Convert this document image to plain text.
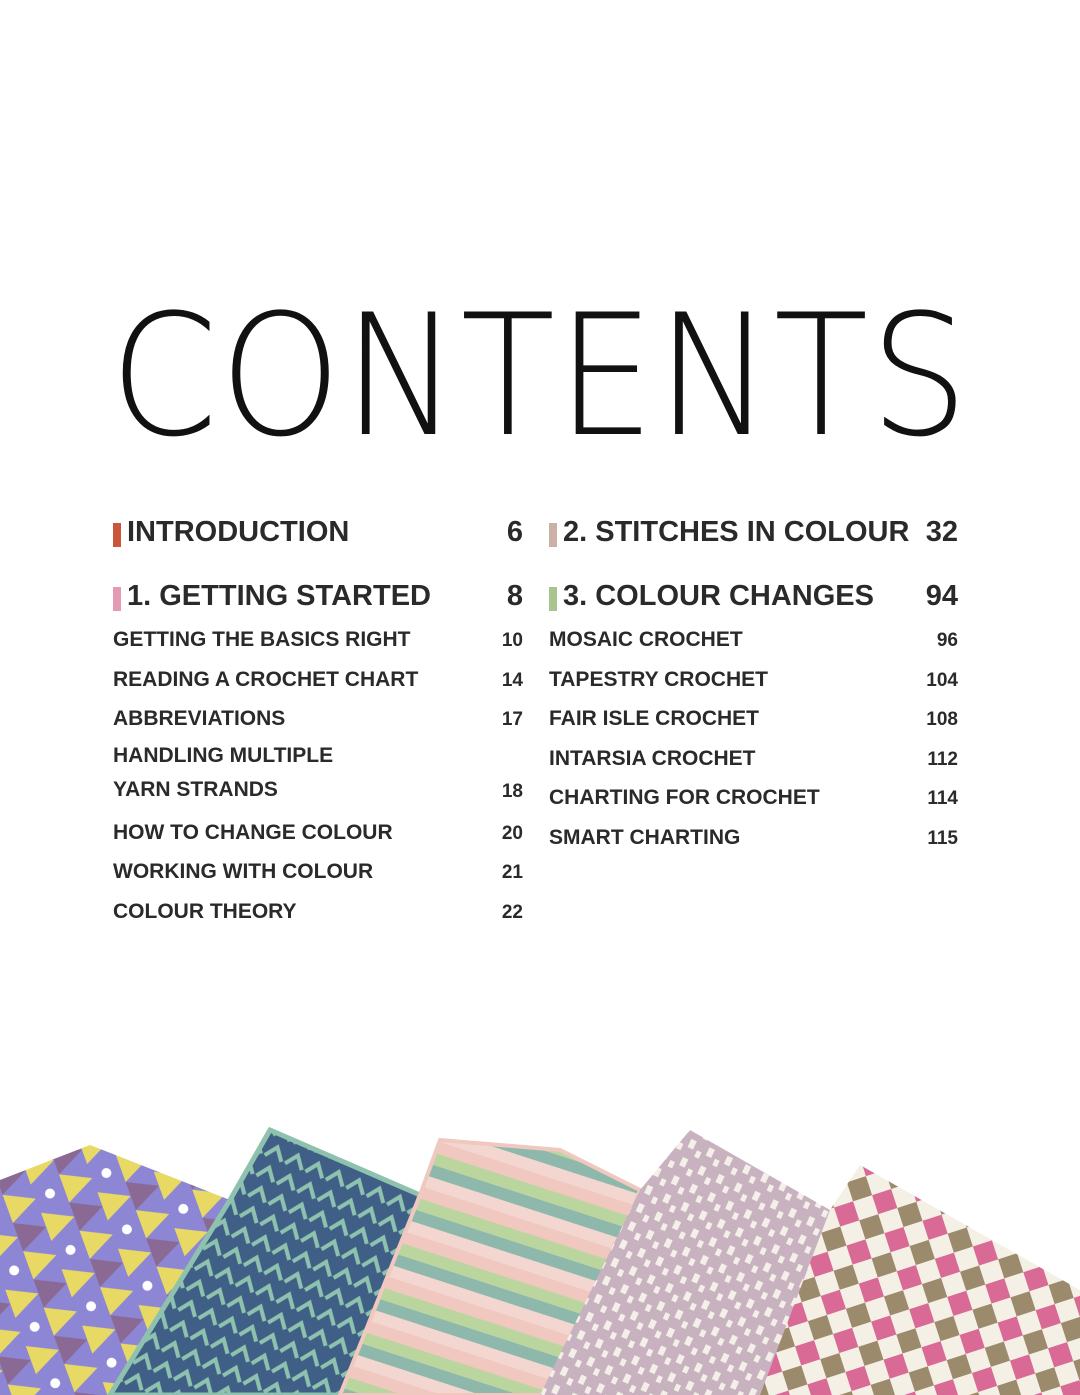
CONTENTS
INTRODUCTION	6
1. GETTING STARTED	8
GETTING THE BASICS RIGHT	10
READING A CROCHET CHART	14
ABBREVIATIONS	17
HANDLING MULTIPLE
YARN STRANDS	18
HOW TO CHANGE COLOUR	20
WORKING WITH COLOUR	21
COLOUR THEORY	22
2. STITCHES IN COLOUR 32
3. COLOUR CHANGES 94
MOSAIC CROCHET	96
TAPESTRY CROCHET	104
FAIR ISLE CROCHET	108
INTARSIA CROCHET	112
CHARTING FOR CROCHET	114
SMART CHARTING	115
